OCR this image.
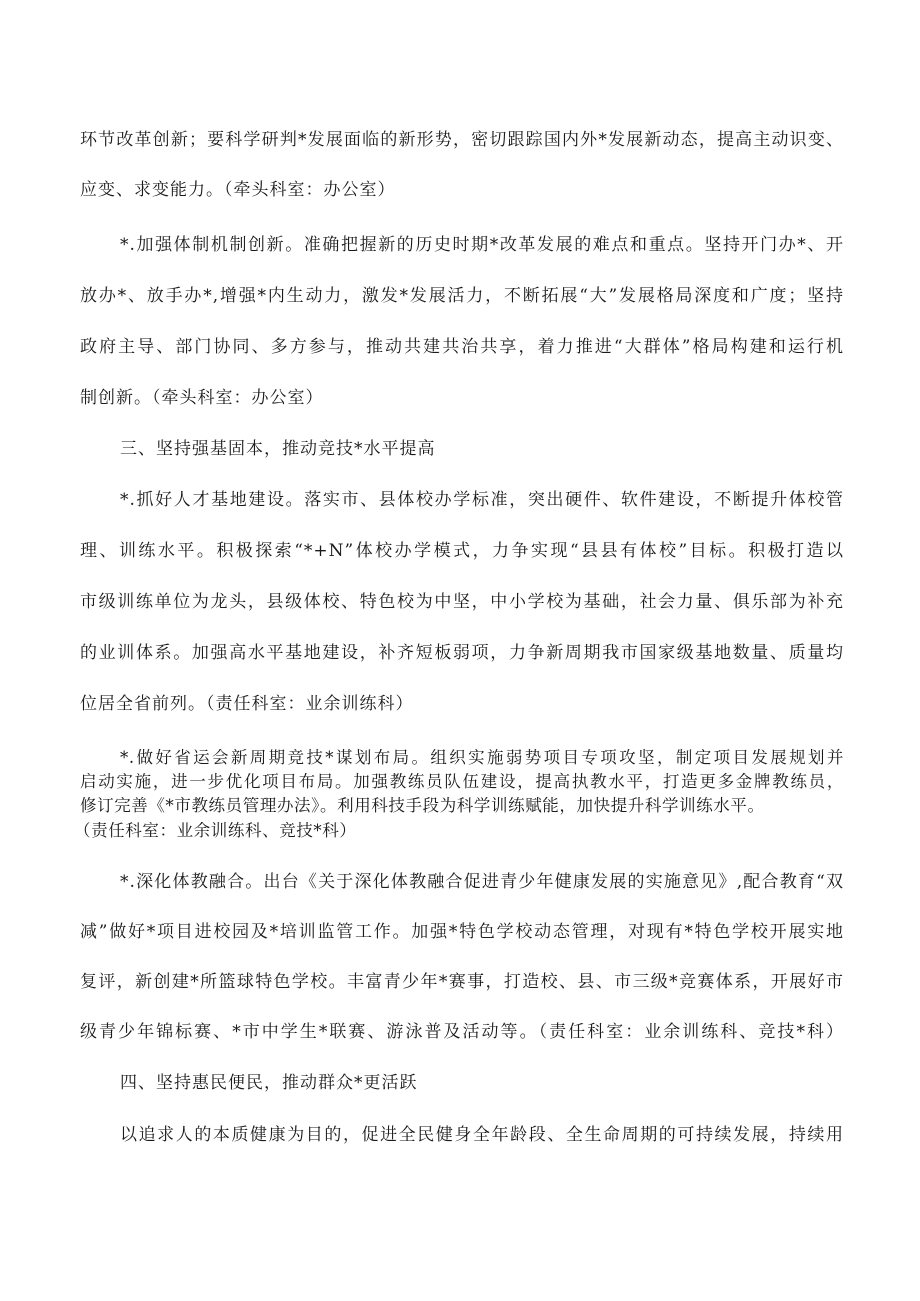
环节改革创新；要科学研判*发展面临的新形势，密切跟踪国内外*发展新动态，提高主动识变、
应变、求变能力。（牵头科室：办公室）
*.加强体制机制创新。准确把握新的历史时期*改革发展的难点和重点。坚持开门办*、开
放办*、放手办*,增强*内生动力，激发*发展活力，不断拓展“大”发展格局深度和广度；坚持
政府主导、部门协同、多方参与，推动共建共治共享，着力推进“大群体”格局构建和运行机
制创新。（牵头科室：办公室）
三、坚持强基固本，推动竞技*水平提高
*.抓好人才基地建设。落实市、县体校办学标准，突出硬件、软件建设，不断提升体校管
理、训练水平。积极探索“*+N”体校办学模式，力争实现“县县有体校”目标。积极打造以
市级训练单位为龙头，县级体校、特色校为中坚，中小学校为基础，社会力量、俱乐部为补充
的业训体系。加强高水平基地建设，补齐短板弱项，力争新周期我市国家级基地数量、质量均
位居全省前列。（责任科室：业余训练科）
*.做好省运会新周期竞技*谋划布局。组织实施弱势项目专项攻坚，制定项目发展规划并
启动实施，进一步优化项目布局。加强教练员队伍建设，提高执教水平，打造更多金牌教练员，
修订完善《*市教练员管理办法》。利用科技手段为科学训练赋能，加快提升科学训练水平。
（责任科室：业余训练科、竞技*科）
*.深化体教融合。出台《关于深化体教融合促进青少年健康发展的实施意见》,配合教育“双
减”做好*项目进校园及*培训监管工作。加强*特色学校动态管理，对现有*特色学校开展实地
复评，新创建*所篮球特色学校。丰富青少年*赛事，打造校、县、市三级*竞赛体系，开展好市
级青少年锦标赛、*市中学生*联赛、游泳普及活动等。（责任科室：业余训练科、竞技*科）
四、坚持惠民便民，推动群众*更活跃
以追求人的本质健康为目的，促进全民健身全年龄段、全生命周期的可持续发展，持续用
